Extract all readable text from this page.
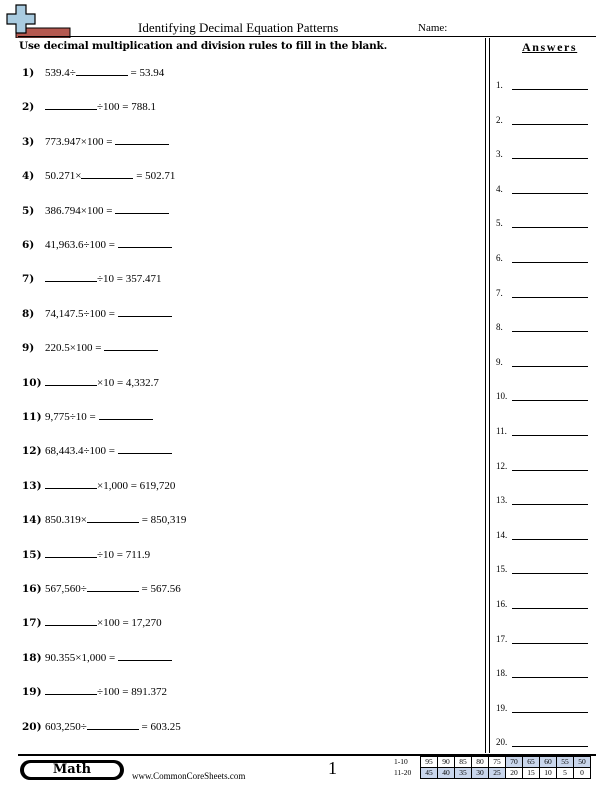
Identifying Decimal Equation Patterns	Name:
Use decimal multiplication and division rules to fill in the blank.	Answers
1) 539.4÷	= 53.94
2)	÷100 = 788.1
3) 773.947×100 =
4) 50.271×	= 502.71
5) 386.794×100 =
6) 41,963.6÷100 =
7)	÷10 = 357.471
8) 74,147.5÷100 =
9) 220.5×100 =
10)	×10 = 4,332.7
11) 9,775÷10 =
12) 68,443.4÷100 =
13)	×1,000 = 619,720
14) 850.319×	= 850,319
15)	÷10 = 711.9
16) 567,560÷	= 567.56
17)	×100 = 17,270
18) 90.355×1,000 =
19)	÷100 = 891.372
20) 603,250÷	= 603.25
1.
2.
3.
4.
5.
6.
7.
8.
9.
10.
11.
12.
13.
14.
15.
16.
17.
18.
19.
20.
Math	www.CommonCoreSheets.com	1	1-10	95	90	85	80	75	70	65	60	55	50
11-20	45	40	35	30	25	20	15	10	5	0
